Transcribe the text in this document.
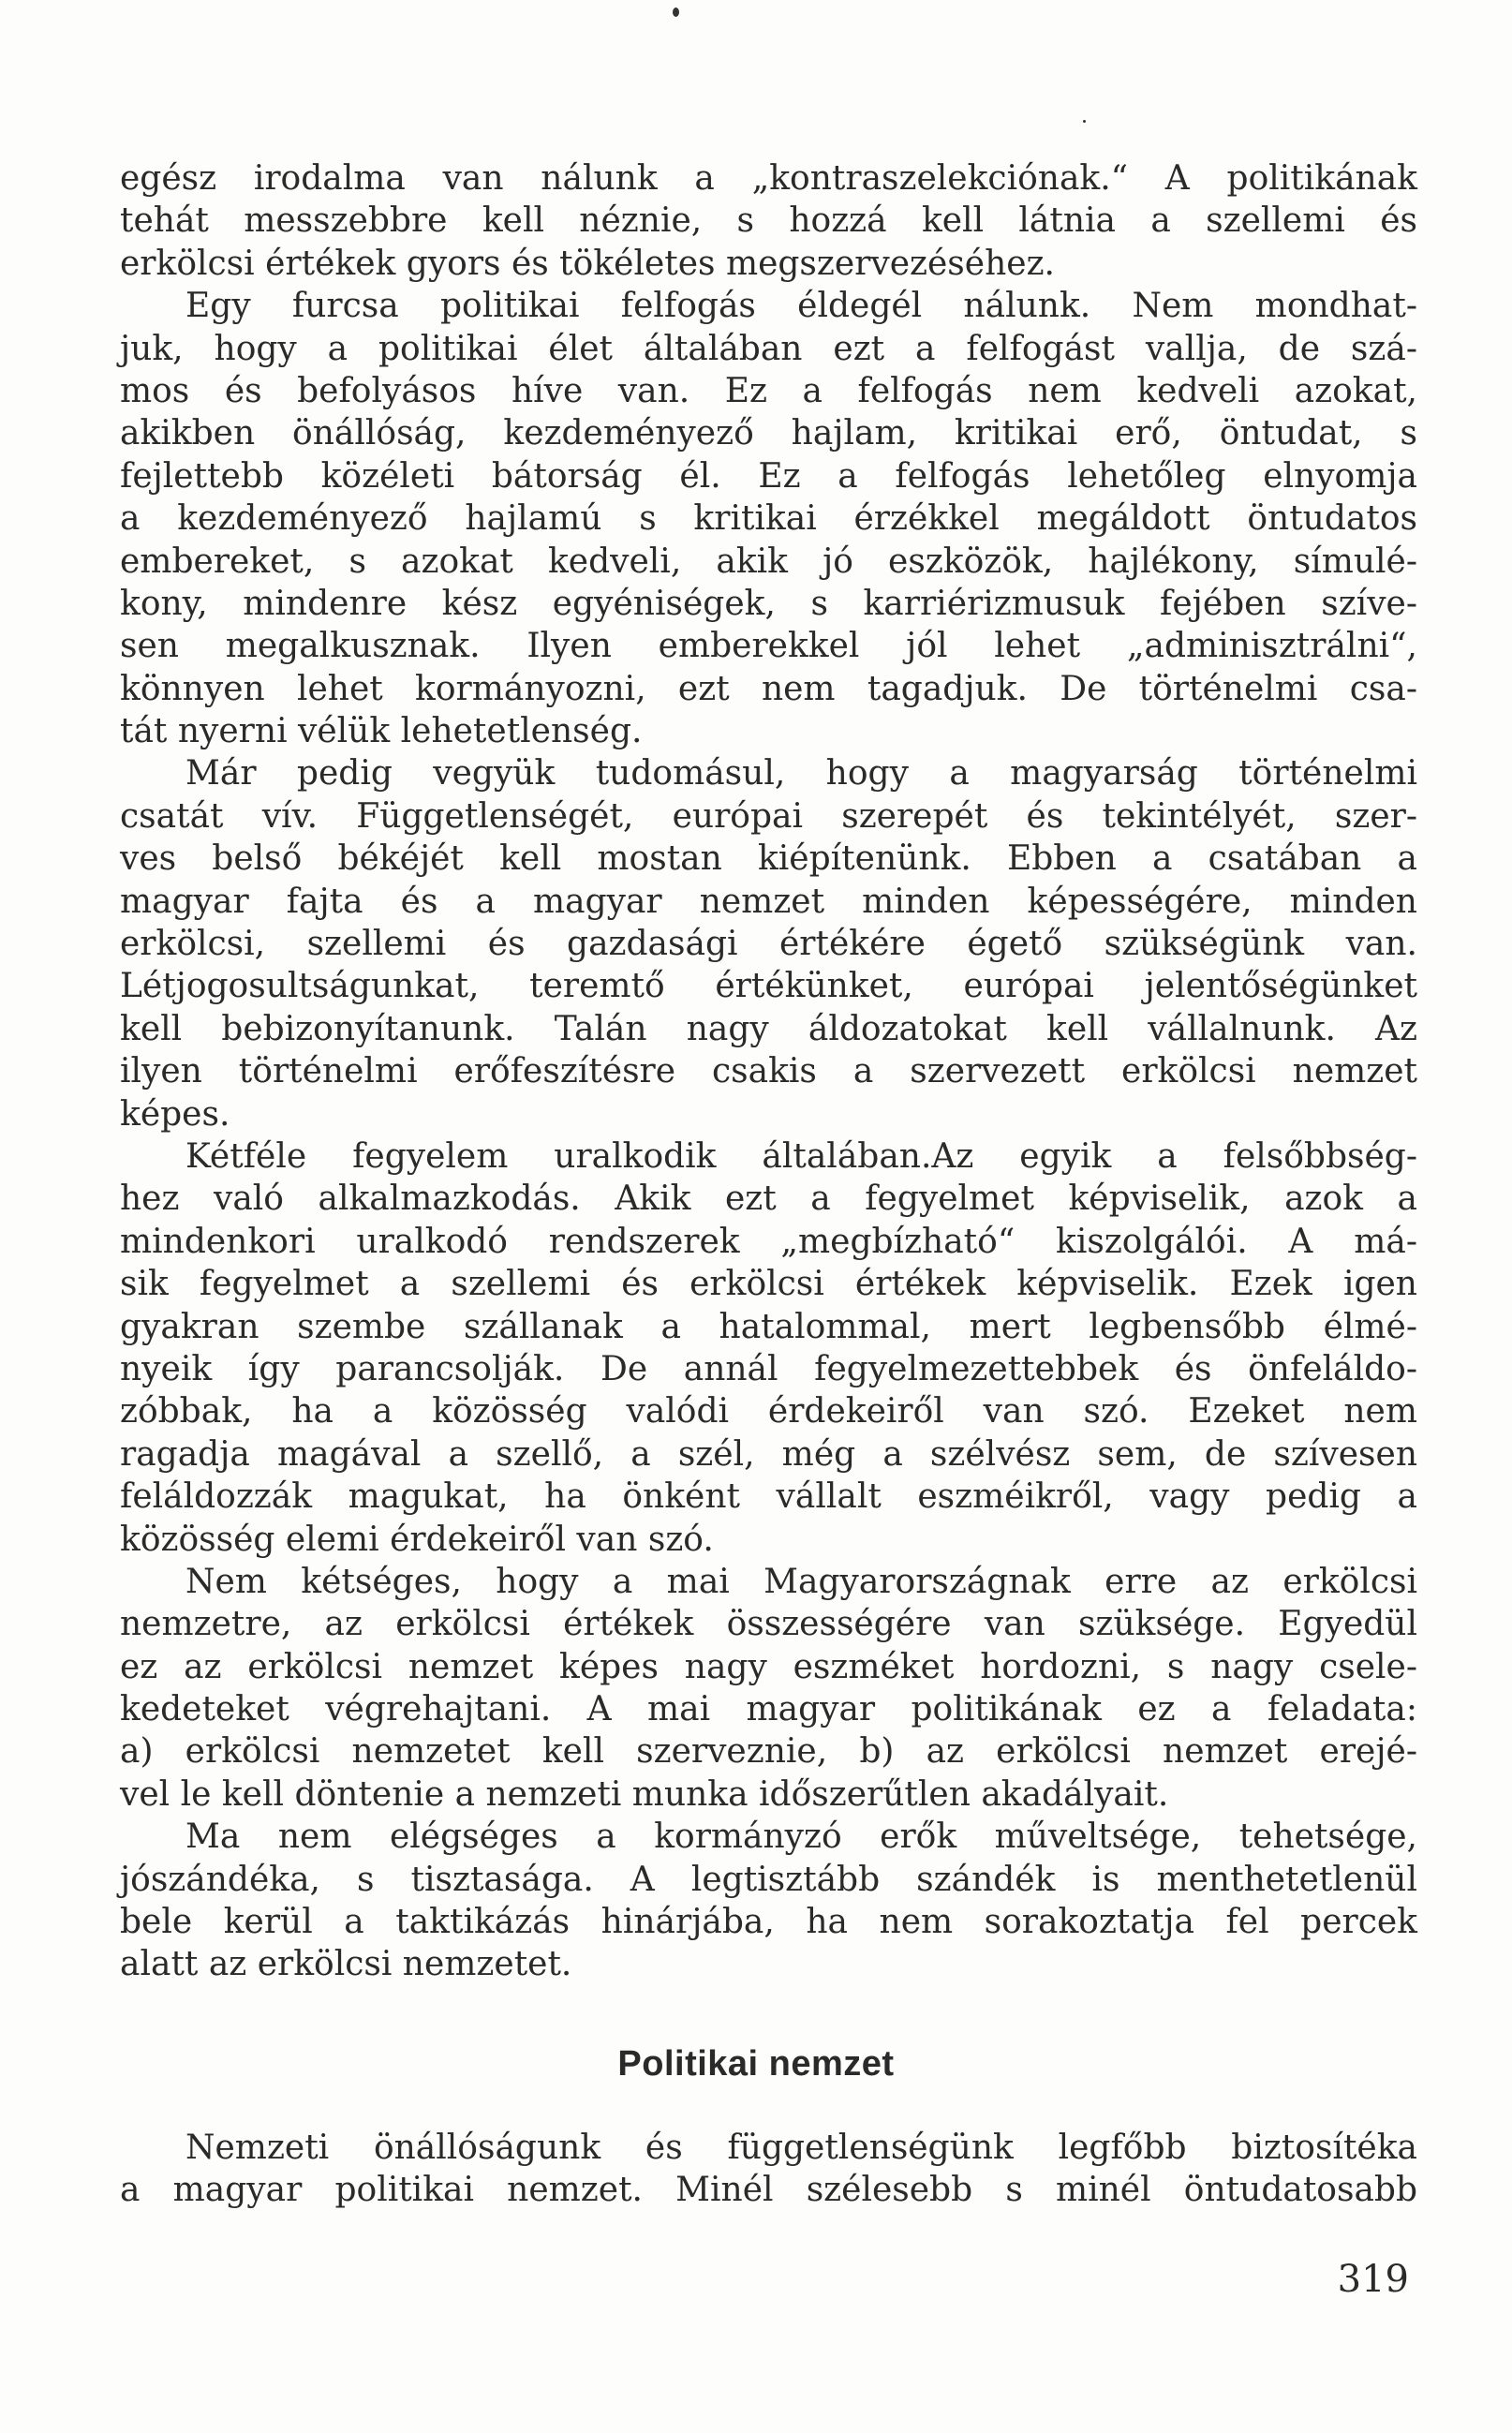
egész irodalma van nálunk a „kontraszelekciónak.“ A politikának
tehát messzebbre kell néznie, s hozzá kell látnia a szellemi és
erkölcsi értékek gyors és tökéletes megszervezéséhez.
Egy furcsa politikai felfogás éldegél nálunk. Nem mondhat-
juk, hogy a politikai élet általában ezt a felfogást vallja, de szá-
mos és befolyásos híve van. Ez a felfogás nem kedveli azokat,
akikben önállóság, kezdeményező hajlam, kritikai erő, öntudat, s
fejlettebb közéleti bátorság él. Ez a felfogás lehetőleg elnyomja
a kezdeményező hajlamú s kritikai érzékkel megáldott öntudatos
embereket, s azokat kedveli, akik jó eszközök, hajlékony, símulé-
kony, mindenre kész egyéniségek, s karriérizmusuk fejében szíve-
sen megalkusznak. Ilyen emberekkel jól lehet „adminisztrálni“,
könnyen lehet kormányozni, ezt nem tagadjuk. De történelmi csa-
tát nyerni vélük lehetetlenség.
Már pedig vegyük tudomásul, hogy a magyarság történelmi
csatát vív. Függetlenségét, európai szerepét és tekintélyét, szer-
ves belső békéjét kell mostan kiépítenünk. Ebben a csatában a
magyar fajta és a magyar nemzet minden képességére, minden
erkölcsi, szellemi és gazdasági értékére égető szükségünk van.
Létjogosultságunkat, teremtő értékünket, európai jelentőségünket
kell bebizonyítanunk. Talán nagy áldozatokat kell vállalnunk. Az
ilyen történelmi erőfeszítésre csakis a szervezett erkölcsi nemzet
képes.
Kétféle fegyelem uralkodik általában.Az egyik a felsőbbség-
hez való alkalmazkodás. Akik ezt a fegyelmet képviselik, azok a
mindenkori uralkodó rendszerek „megbízható“ kiszolgálói. A má-
sik fegyelmet a szellemi és erkölcsi értékek képviselik. Ezek igen
gyakran szembe szállanak a hatalommal, mert legbensőbb élmé-
nyeik így parancsolják. De annál fegyelmezettebbek és önfeláldo-
zóbbak, ha a közösség valódi érdekeiről van szó. Ezeket nem
ragadja magával a szellő, a szél, még a szélvész sem, de szívesen
feláldozzák magukat, ha önként vállalt eszméikről, vagy pedig a
közösség elemi érdekeiről van szó.
Nem kétséges, hogy a mai Magyarországnak erre az erkölcsi
nemzetre, az erkölcsi értékek összességére van szüksége. Egyedül
ez az erkölcsi nemzet képes nagy eszméket hordozni, s nagy csele-
kedeteket végrehajtani. A mai magyar politikának ez a feladata:
a) erkölcsi nemzetet kell szerveznie, b) az erkölcsi nemzet erejé-
vel le kell döntenie a nemzeti munka időszerűtlen akadályait.
Ma nem elégséges a kormányzó erők műveltsége, tehetsége,
jószándéka, s tisztasága. A legtisztább szándék is menthetetlenül
bele kerül a taktikázás hinárjába, ha nem sorakoztatja fel percek
alatt az erkölcsi nemzetet.
Politikai nemzet
Nemzeti önállóságunk és függetlenségünk legfőbb biztosítéka
a magyar politikai nemzet. Minél szélesebb s minél öntudatosabb
319
